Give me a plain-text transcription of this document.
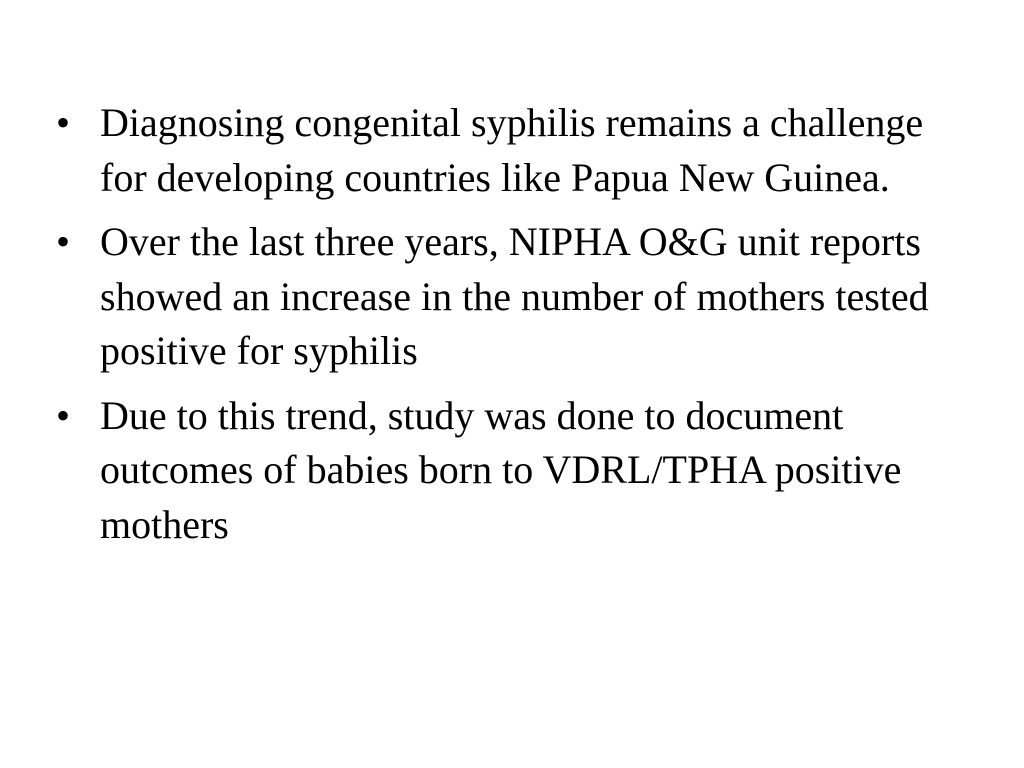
• Diagnosing congenital syphilis remains a challenge for developing countries like Papua New Guinea.
• Over the last three years, NIPHA O&G unit reports showed an increase in the number of mothers tested positive for syphilis
• Due to this trend, study was done to document outcomes of babies born to VDRL/TPHA positive mothers
